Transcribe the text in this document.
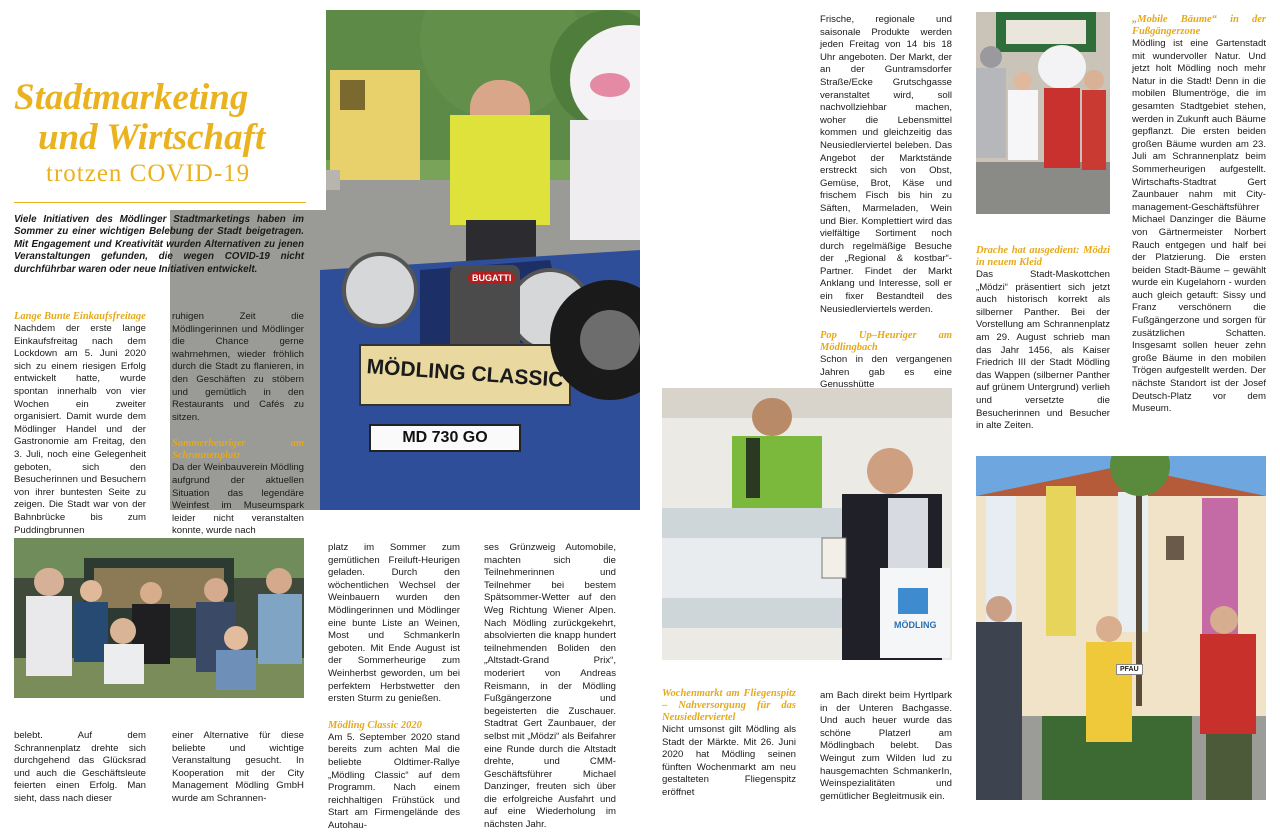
BUGATTI
MÖDLING CLASSIC
MD 730 GO
MÖDLING
PFAU
Stadtmarketing
und Wirtschaft
trotzen COVID-19
Viele Initiativen des Mödlinger Stadtmarketings haben im Sommer zu einer wichtigen Belebung der Stadt beigetragen. Mit Engagement und Kreativität wurden Alternativen zu jenen Veranstaltungen gefunden, die wegen COVID-19 nicht durchführbar waren oder neue Initiativen entwickelt.

Lange Bunte Einkaufsfreitage

Nachdem der erste lange Einkaufsfreitag nach dem Lockdown am 5. Juni 2020 sich zu einem riesigen Erfolg entwickelt hatte, wurde spontan innerhalb von vier Wochen ein zweiter organisiert. Damit wurde dem Mödlinger Handel und der Gastronomie am Freitag, den 3. Juli, noch eine Gelegenheit geboten, sich den Besucherinnen und Besuchern von ihrer buntesten Seite zu zeigen. Die Stadt war von der Bahnbrücke bis zum Puddingbrunnen

belebt. Auf dem Schrannenplatz drehte sich durchgehend das Glücksrad und auch die Geschäftsleute feierten einen Erfolg. Man sieht, dass nach dieser

ruhigen Zeit die Mödlingerinnen und Mödlinger die Chance gerne wahrnehmen, wieder fröhlich durch die Stadt zu flanieren, in den Geschäften zu stöbern und gemütlich in den Restaurants und Cafés zu sitzen.

Sommerheuriger am Schrannenplatz

Da der Weinbauverein Mödling aufgrund der aktuellen Situation das legendäre Weinfest im Museumspark leider nicht veranstalten konnte, wurde nach

einer Alternative für diese beliebte und wichtige Veranstaltung gesucht. In Kooperation mit der City Management Mödling GmbH wurde am Schrannen-

platz im Sommer zum gemütlichen Freiluft-Heurigen geladen. Durch den wöchentlichen Wechsel der Weinbauern wurden den Mödlingerinnen und Mödlinger eine bunte Liste an Weinen, Most und SchmankerIn geboten. Mit Ende August ist der Sommerheurige zum Weinherbst geworden, um bei perfektem Herbstwetter den ersten Sturm zu genießen.

Mödling Classic 2020

Am 5. September 2020 stand bereits zum achten Mal die beliebte Oldtimer-Rallye „Mödling Classic“ auf dem Programm. Nach einem reichhaltigen Frühstück und Start am Firmengelände des Autohau-

ses Grünzweig Automobile, machten sich die Teilnehmerinnen und Teilnehmer bei bestem Spätsommer-Wetter auf den Weg Richtung Wiener Alpen. Nach Mödling zurückgekehrt, absolvierten die knapp hundert teilnehmenden Boliden den „Altstadt-Grand Prix“, moderiert von Andreas Reismann, in der Mödling Fußgängerzone und begeisterten die Zuschauer. Stadtrat Gert Zaunbauer, der selbst mit „Mödzi“ als Beifahrer eine Runde durch die Altstadt drehte, und CMM-Geschäftsführer Michael Danzinger, freuten sich über die erfolgreiche Ausfahrt und auf eine Wiederholung im nächsten Jahr.

Frische, regionale und saisonale Produkte werden jeden Freitag von 14 bis 18 Uhr angeboten. Der Markt, der an der Guntramsdorfer Straße/Ecke Grutschgasse veranstaltet wird, soll nachvollziehbar machen, woher die Lebensmittel kommen und gleichzeitig das Neusiedlerviertel beleben. Das Angebot der Marktstände erstreckt sich von Obst, Gemüse, Brot, Käse und frischem Fisch bis hin zu Säften, Marmeladen, Wein und Bier. Komplettiert wird das vielfältige Sortiment noch durch regelmäßige Besuche der „Regional & kostbar“-Partner. Findet der Markt Anklang und Interesse, soll er ein fixer Bestandteil des Neusiedlerviertels werden.

Pop Up–Heuriger am Mödlingbach

Schon in den vergangenen Jahren gab es eine Genusshütte

Wochenmarkt am Fliegenspitz – Nahversorgung für das Neusiedlerviertel

Nicht umsonst gilt Mödling als Stadt der Märkte. Mit 26. Juni 2020 hat Mödling seinen fünften Wochenmarkt am neu gestalteten Fliegenspitz eröffnet

am Bach direkt beim Hyrtlpark in der Unteren Bachgasse. Und auch heuer wurde das schöne Platzerl am Mödlingbach belebt. Das Weingut zum Wilden lud zu hausgemachten SchmankerIn, Weinspezialitäten und gemütlicher Begleitmusik ein.

Drache hat ausgedient: Mödzi in neuem Kleid

Das Stadt-Maskottchen „Mödzi“ präsentiert sich jetzt auch historisch korrekt als silberner Panther. Bei der Vorstellung am Schrannenplatz am 29. August schrieb man das Jahr 1456, als Kaiser Friedrich III der Stadt Mödling das Wappen (silberner Panther auf grünem Untergrund) verlieh und versetzte die Besucherinnen und Besucher in alte Zeiten.

„Mobile Bäume“ in der Fußgängerzone

Mödling ist eine Gartenstadt mit wundervoller Natur. Und jetzt holt Mödling noch mehr Natur in die Stadt! Denn in die mobilen Blumentröge, die im gesamten Stadtgebiet stehen, werden in Zukunft auch Bäume gepflanzt. Die ersten beiden großen Bäume wurden am 23. Juli am Schrannenplatz beim Sommerheurigen aufgestellt. Wirtschafts-Stadtrat Gert Zaunbauer nahm mit City-management-Geschäftsführer Michael Danzinger die Bäume von Gärtnermeister Norbert Rauch entgegen und half bei der Platzierung. Die ersten beiden Stadt-Bäume – gewählt wurde ein Kugelahorn - wurden auch gleich getauft: Sissy und Franz verschönern die Fußgängerzone und sorgen für zusätzlichen Schatten. Insgesamt sollen heuer zehn große Bäume in den mobilen Trögen aufgestellt werden. Der nächste Standort ist der Josef Deutsch-Platz vor dem Museum.
